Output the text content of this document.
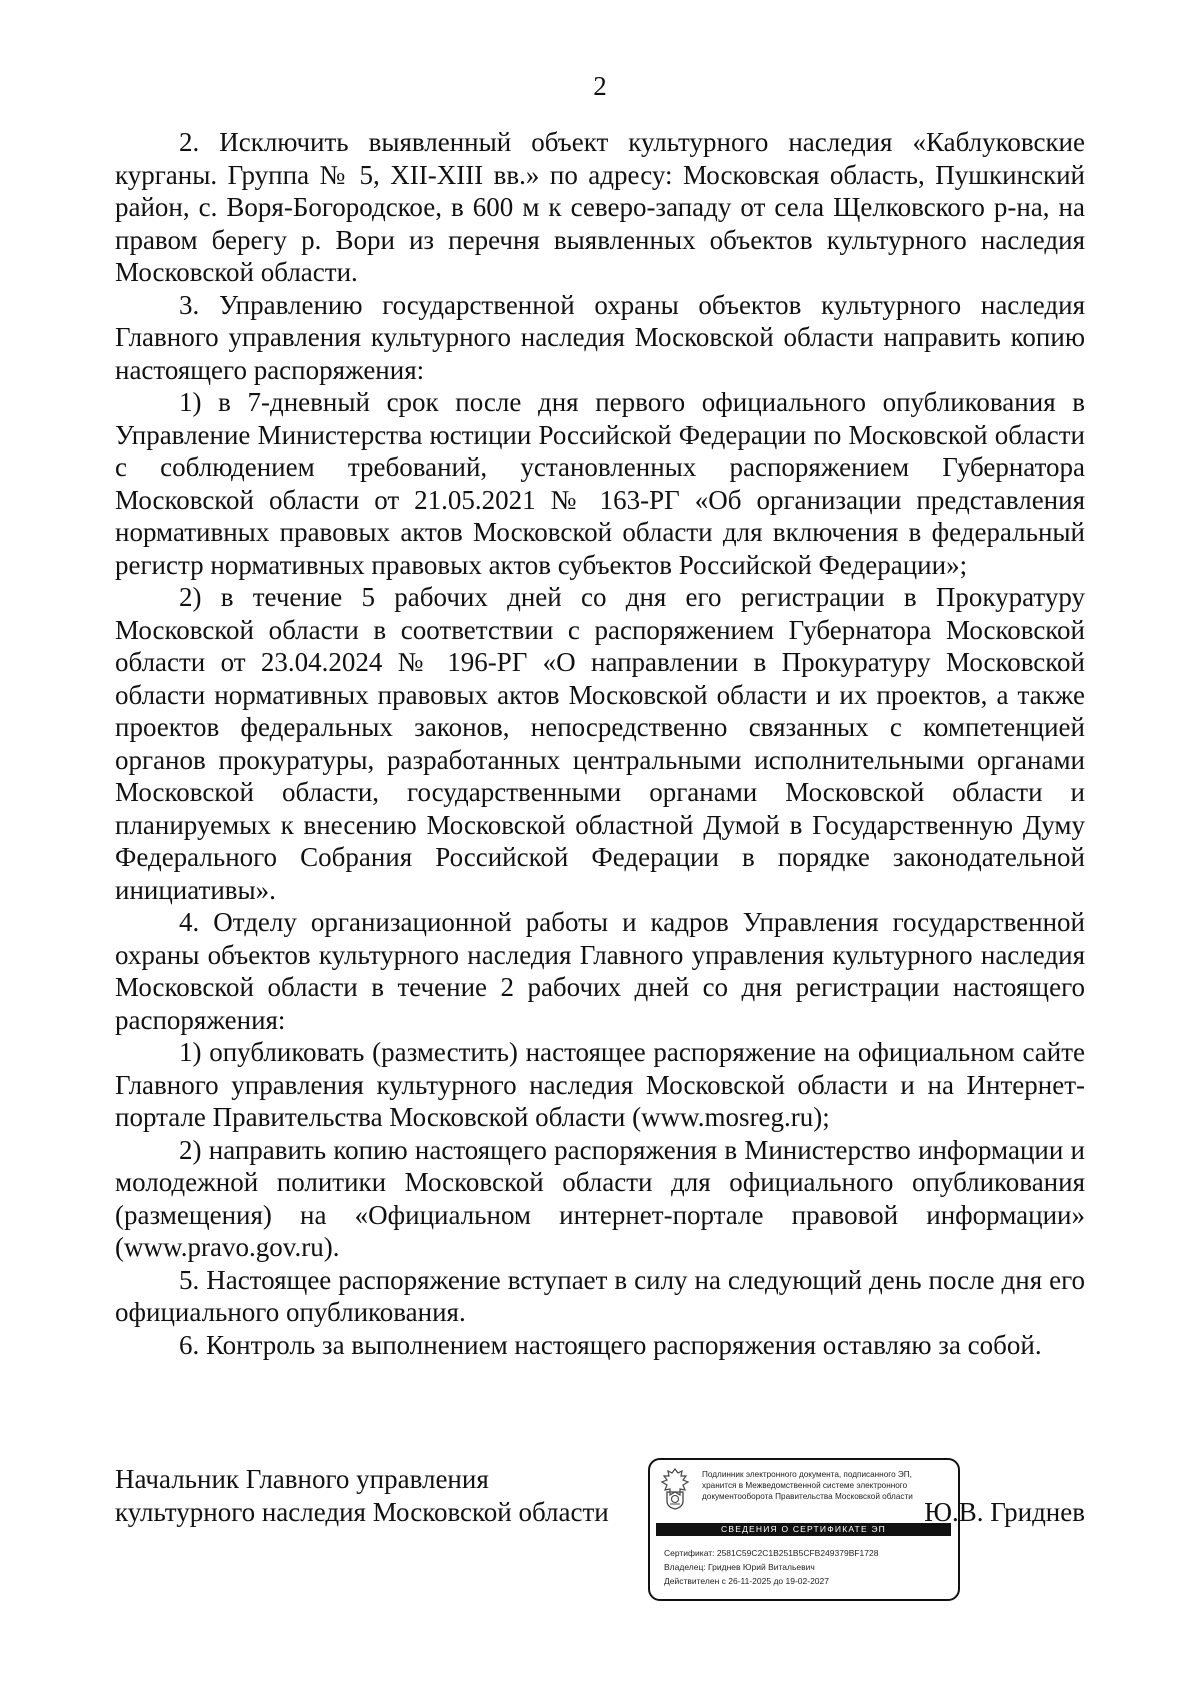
2

2. Исключить выявленный объект культурного наследия «Каблуковские курганы. Группа № 5, XII-XIII вв.» по адресу: Московская область, Пушкинский район, с. Воря-Богородское, в 600 м к северо-западу от села Щелковского р-на, на правом берегу р. Вори из перечня выявленных объектов культурного наследия Московской области.

3. Управлению государственной охраны объектов культурного наследия Главного управления культурного наследия Московской области направить копию настоящего распоряжения:

1) в 7-дневный срок после дня первого официального опубликования в Управление Министерства юстиции Российской Федерации по Московской области с соблюдением требований, установленных распоряжением Губернатора Московской области от 21.05.2021 № 163-РГ «Об организации представления нормативных правовых актов Московской области для включения в федеральный регистр нормативных правовых актов субъектов Российской Федерации»;

2) в течение 5 рабочих дней со дня его регистрации в Прокуратуру Московской области в соответствии с распоряжением Губернатора Московской области от 23.04.2024 № 196-РГ «О направлении в Прокуратуру Московской области нормативных правовых актов Московской области и их проектов, а также проектов федеральных законов, непосредственно связанных с компетенцией органов прокуратуры, разработанных центральными исполнительными органами Московской области, государственными органами Московской области и планируемых к внесению Московской областной Думой в Государственную Думу Федерального Собрания Российской Федерации в порядке законодательной инициативы».

4. Отделу организационной работы и кадров Управления государственной охраны объектов культурного наследия Главного управления культурного наследия Московской области в течение 2 рабочих дней со дня регистрации настоящего распоряжения:

1) опубликовать (разместить) настоящее распоряжение на официальном сайте Главного управления культурного наследия Московской области и на Интернет-портале Правительства Московской области (www.mosreg.ru);

2) направить копию настоящего распоряжения в Министерство информации и молодежной политики Московской области для официального опубликования (размещения) на «Официальном интернет-портале правовой информации» (www.pravo.gov.ru).

5. Настоящее распоряжение вступает в силу на следующий день после дня его официального опубликования.

6. Контроль за выполнением настоящего распоряжения оставляю за собой.

Начальник Главного управления
культурного наследия Московской области
Подлинник электронного документа, подписанного ЭП,
хранится в Межведомственной системе электронного
документооборота Правительства Московской области
СВЕДЕНИЯ О СЕРТИФИКАТЕ ЭП
Сертификат: 2581C59C2C1B251B5CFB249379BF1728
Владелец: Гриднев Юрий Витальевич
Действителен с 26-11-2025 до 19-02-2027
Ю.В. Гриднев
